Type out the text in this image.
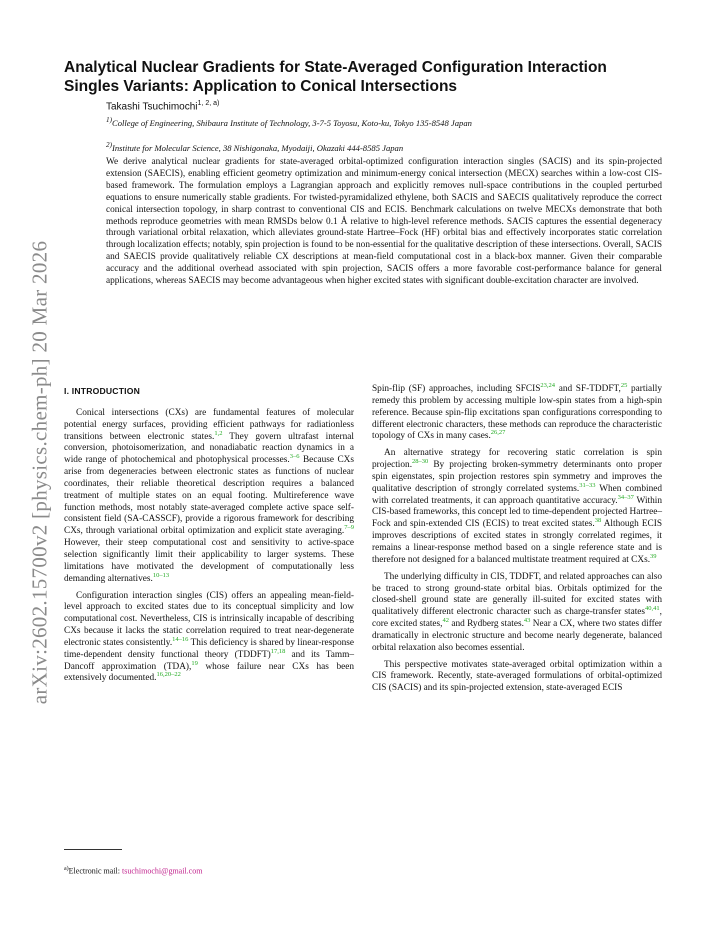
arXiv:2602.15700v2 [physics.chem-ph] 20 Mar 2026
Analytical Nuclear Gradients for State-Averaged Configuration Interaction Singles Variants: Application to Conical Intersections
Takashi Tsuchimochi$^{1, 2, a)}$
$^{1)}$College of Engineering, Shibaura Institute of Technology, 3-7-5 Toyosu, Koto-ku, Tokyo 135-8548 Japan
$^{2)}$Institute for Molecular Science, 38 Nishigonaka, Myodaiji, Okazaki 444-8585 Japan
We derive analytical nuclear gradients for state-averaged orbital-optimized configuration interaction singles (SACIS) and its spin-projected extension (SAECIS), enabling efficient geometry optimization and minimum-energy conical intersection (MECX) searches within a low-cost CIS-based framework. The formulation employs a Lagrangian approach and explicitly removes null-space contributions in the coupled perturbed equations to ensure numerically stable gradients. For twisted-pyramidalized ethylene, both SACIS and SAECIS qualitatively reproduce the correct conical intersection topology, in sharp contrast to conventional CIS and ECIS. Benchmark calculations on twelve MECXs demonstrate that both methods reproduce geometries with mean RMSDs below 0.1 Å relative to high-level reference methods. SACIS captures the essential degeneracy through variational orbital relaxation, which alleviates ground-state Hartree–Fock (HF) orbital bias and effectively incorporates static correlation through localization effects; notably, spin projection is found to be non-essential for the qualitative description of these intersections. Overall, SACIS and SAECIS provide qualitatively reliable CX descriptions at mean-field computational cost in a black-box manner. Given their comparable accuracy and the additional overhead associated with spin projection, SACIS offers a more favorable cost-performance balance for general applications, whereas SAECIS may become advantageous when higher excited states with significant double-excitation character are involved.
I. INTRODUCTION

Conical intersections (CXs) are fundamental features of molecular potential energy surfaces, providing efficient pathways for radiationless transitions between electronic states.$^{1,2}$ They govern ultrafast internal conversion, photoisomerization, and nonadiabatic reaction dynamics in a wide range of photochemical and photophysical processes.$^{3-6}$ Because CXs arise from degeneracies between electronic states as functions of nuclear coordinates, their reliable theoretical description requires a balanced treatment of multiple states on an equal footing. Multireference wave function methods, most notably state-averaged complete active space self-consistent field (SA-CASSCF), provide a rigorous framework for describing CXs, through variational orbital optimization and explicit state averaging.$^{7-9}$ However, their steep computational cost and sensitivity to active-space selection significantly limit their applicability to larger systems. These limitations have motivated the development of computationally less demanding alternatives.$^{10-13}$

Configuration interaction singles (CIS) offers an appealing mean-field-level approach to excited states due to its conceptual simplicity and low computational cost. Nevertheless, CIS is intrinsically incapable of describing CXs because it lacks the static correlation required to treat near-degenerate electronic states consistently.$^{14-16}$ This deficiency is shared by linear-response time-dependent density functional theory (TDDFT)$^{17,18}$ and its Tamm–Dancoff approximation (TDA),$^{19}$ whose failure near CXs has been extensively documented.$^{16,20-22}$

Spin-flip (SF) approaches, including SFCIS$^{23,24}$ and SF-TDDFT,$^{25}$ partially remedy this problem by accessing multiple low-spin states from a high-spin reference. Because spin-flip excitations span configurations corresponding to different electronic characters, these methods can reproduce the characteristic topology of CXs in many cases.$^{26,27}$

An alternative strategy for recovering static correlation is spin projection.$^{28-30}$ By projecting broken-symmetry determinants onto proper spin eigenstates, spin projection restores spin symmetry and improves the qualitative description of strongly correlated systems.$^{31-33}$ When combined with correlated treatments, it can approach quantitative accuracy.$^{34-37}$ Within CIS-based frameworks, this concept led to time-dependent projected Hartree–Fock and spin-extended CIS (ECIS) to treat excited states.$^{38}$ Although ECIS improves descriptions of excited states in strongly correlated regimes, it remains a linear-response method based on a single reference state and is therefore not designed for a balanced multistate treatment required at CXs.$^{39}$

The underlying difficulty in CIS, TDDFT, and related approaches can also be traced to strong ground-state orbital bias. Orbitals optimized for the closed-shell ground state are generally ill-suited for excited states with qualitatively different electronic character such as charge-transfer states$^{40,41}$, core excited states,$^{42}$ and Rydberg states.$^{43}$ Near a CX, where two states differ dramatically in electronic structure and become nearly degenerate, balanced orbital relaxation also becomes essential.

This perspective motivates state-averaged orbital optimization within a CIS framework. Recently, state-averaged formulations of orbital-optimized CIS (SACIS) and its spin-projected extension, state-averaged ECIS

$^{a)}$Electronic mail: tsuchimochi@gmail.com
